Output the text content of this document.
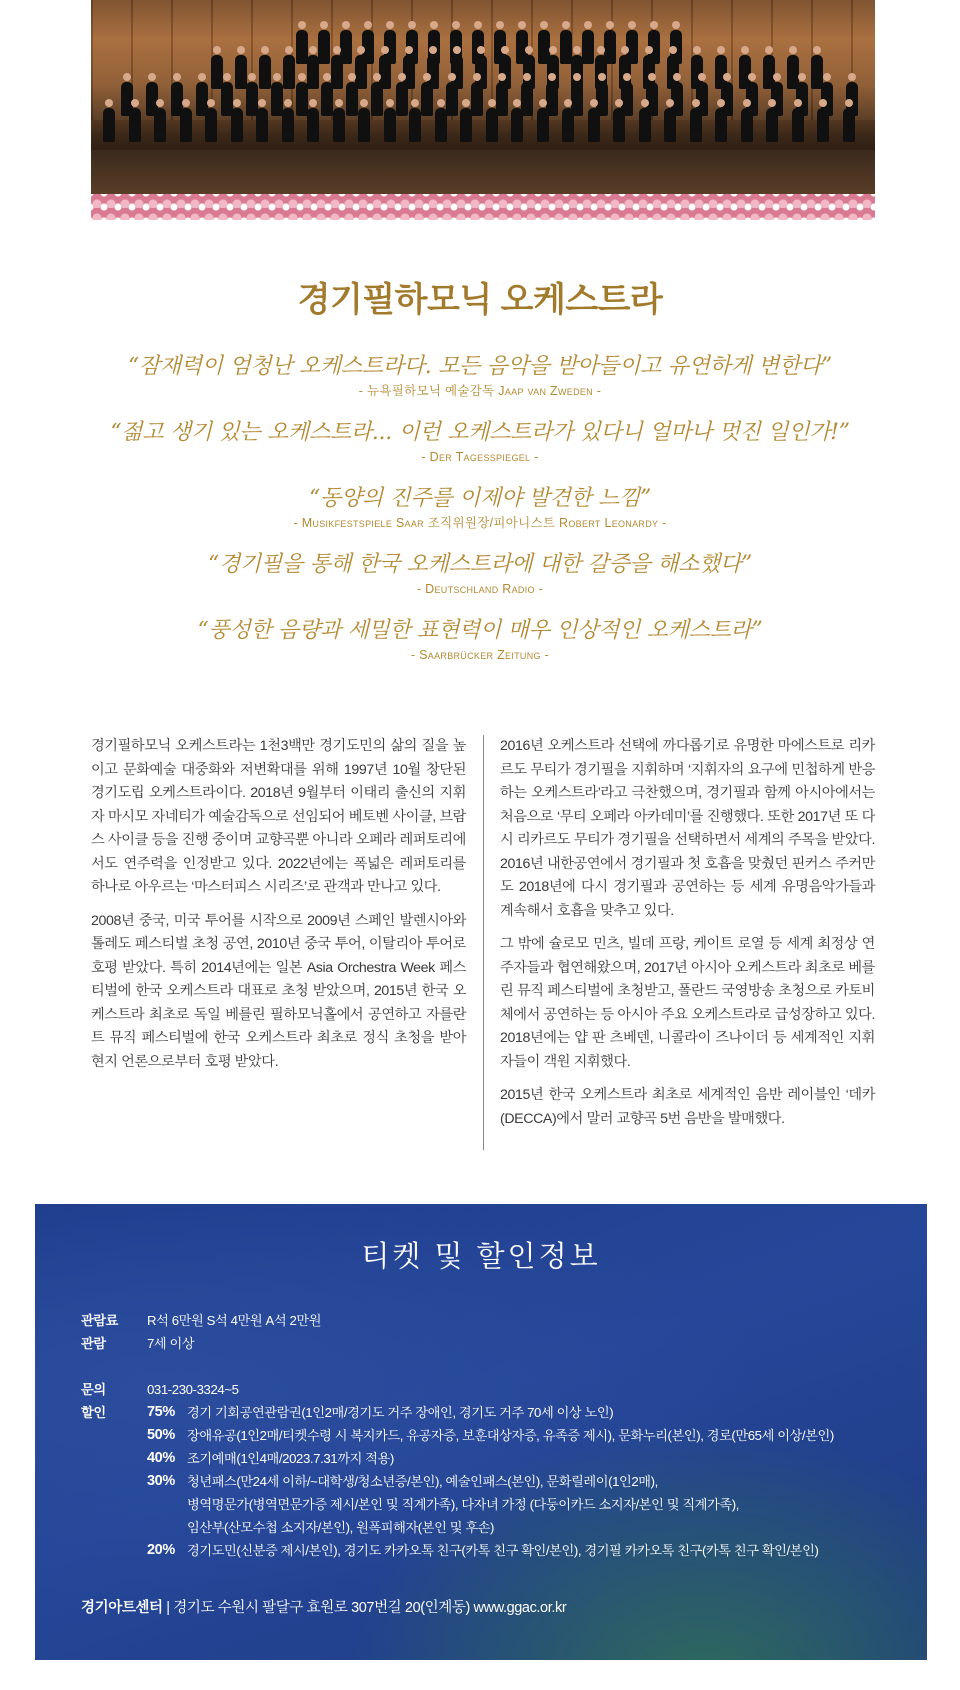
경기필하모닉 오케스트라
“잠재력이 엄청난 오케스트라다. 모든 음악을 받아들이고 유연하게 변한다”
- 뉴욕필하모닉 예술감독 Jaap van Zweden -
“젊고 생기 있는 오케스트라... 이런 오케스트라가 있다니 얼마나 멋진 일인가!”
- Der Tagesspiegel -
“동양의 진주를 이제야 발견한 느낌”
- Musikfestspiele Saar 조직위원장/피아니스트 Robert Leonardy -
“경기필을 통해 한국 오케스트라에 대한 갈증을 해소했다”
- Deutschland Radio -
“풍성한 음량과 세밀한 표현력이 매우 인상적인 오케스트라”
- Saarbrücker Zeitung -

경기필하모닉 오케스트라는 1천3백만 경기도민의 삶의 질을 높이고 문화예술 대중화와 저변확대를 위해 1997년 10월 창단된 경기도립 오케스트라이다. 2018년 9월부터 이태리 출신의 지휘자 마시모 자네티가 예술감독으로 선임되어 베토벤 사이클, 브람스 사이클 등을 진행 중이며 교향곡뿐 아니라 오페라 레퍼토리에서도 연주력을 인정받고 있다. 2022년에는 폭넓은 레퍼토리를 하나로 아우르는 ‘마스터피스 시리즈’로 관객과 만나고 있다.

2008년 중국, 미국 투어를 시작으로 2009년 스페인 발렌시아와 톨레도 페스티벌 초청 공연, 2010년 중국 투어, 이탈리아 투어로 호평 받았다. 특히 2014년에는 일본 Asia Orchestra Week 페스티벌에 한국 오케스트라 대표로 초청 받았으며, 2015년 한국 오케스트라 최초로 독일 베를린 필하모닉홀에서 공연하고 자를란트 뮤직 페스티벌에 한국 오케스트라 최초로 정식 초청을 받아 현지 언론으로부터 호평 받았다.

2016년 오케스트라 선택에 까다롭기로 유명한 마에스트로 리카르도 무티가 경기필을 지휘하며 ‘지휘자의 요구에 민첩하게 반응하는 오케스트라’라고 극찬했으며, 경기필과 함께 아시아에서는 처음으로 ‘무티 오페라 아카데미’를 진행했다. 또한 2017년 또 다시 리카르도 무티가 경기필을 선택하면서 세계의 주목을 받았다. 2016년 내한공연에서 경기필과 첫 호흡을 맞췄던 핀커스 주커만도 2018년에 다시 경기필과 공연하는 등 세계 유명음악가들과 계속해서 호흡을 맞추고 있다.

그 밖에 슐로모 민츠, 빌데 프랑, 케이트 로열 등 세계 최정상 연주자들과 협연해왔으며, 2017년 아시아 오케스트라 최초로 베를린 뮤직 페스티벌에 초청받고, 폴란드 국영방송 초청으로 카토비체에서 공연하는 등 아시아 주요 오케스트라로 급성장하고 있다. 2018년에는 얍 판 츠베덴, 니콜라이 즈나이더 등 세계적인 지휘자들이 객원 지휘했다.

2015년 한국 오케스트라 최초로 세계적인 음반 레이블인 ‘데카(DECCA)에서 말러 교향곡 5번 음반을 발매했다.

티켓 및 할인정보
관람료	R석 6만원 S석 4만원 A석 2만원
관람	7세 이상
문의	031-230-3324~5
할인	75% 경기 기회공연관람권(1인2매/경기도 거주 장애인, 경기도 거주 70세 이상 노인)
50% 장애유공(1인2매/티켓수령 시 복지카드, 유공자증, 보훈대상자증, 유족증 제시), 문화누리(본인), 경로(만65세 이상/본인)
40% 조기예매(1인4매/2023.7.31까지 적용)
30% 청년패스(만24세 이하/~대학생/청소년증/본인), 예술인패스(본인), 문화릴레이(1인2매),
병역명문가(병역면문가증 제시/본인 및 직계가족), 다자녀 가정 (다둥이카드 소지자/본인 및 직계가족),
임산부(산모수첩 소지자/본인), 원폭피해자(본인 및 후손)
20% 경기도민(신분증 제시/본인), 경기도 카카오톡 친구(카톡 친구 확인/본인), 경기필 카카오톡 친구(카톡 친구 확인/본인)
경기아트센터 | 경기도 수원시 팔달구 효원로 307번길 20(인계동) www.ggac.or.kr
